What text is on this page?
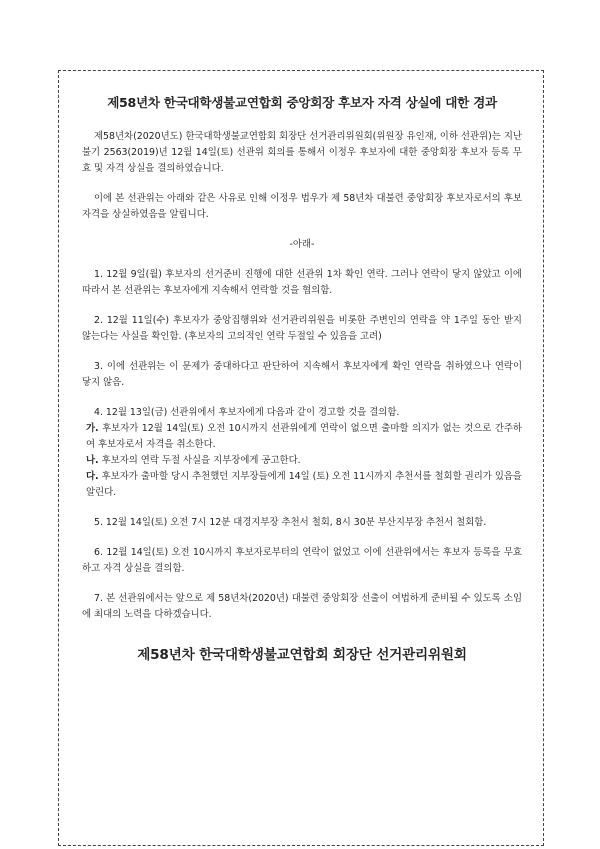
제58년차 한국대학생불교연합회 중앙회장 후보자 자격 상실에 대한 경과

제58년차(2020년도) 한국대학생불교연합회 회장단 선거관리위원회(위원장 유인재, 이하 선관위)는 지난 불기 2563(2019)년 12월 14일(토) 선관위 회의를 통해서 이정우 후보자에 대한 중앙회장 후보자 등록 무효 및 자격 상실을 결의하였습니다.

이에 본 선관위는 아래와 같은 사유로 인해 이정우 법우가 제 58년차 대불련 중앙회장 후보자로서의 후보 자격을 상실하였음을 알립니다.

-아래-

1. 12월 9일(월) 후보자의 선거준비 진행에 대한 선관위 1차 확인 연락. 그러나 연락이 닿지 않았고 이에 따라서 본 선관위는 후보자에게 지속해서 연락할 것을 협의함.

2. 12월 11일(수) 후보자가 중앙집행위와 선거관리위원을 비롯한 주변인의 연락을 약 1주일 동안 받지 않는다는 사실을 확인함. (후보자의 고의적인 연락 두절일 수 있음을 고려)

3. 이에 선관위는 이 문제가 중대하다고 판단하여 지속해서 후보자에게 확인 연락을 취하였으나 연락이 닿지 않음.

4. 12월 13일(금) 선관위에서 후보자에게 다음과 같이 경고할 것을 결의함.

가. 후보자가 12월 14일(토) 오전 10시까지 선관위에게 연락이 없으면 출마할 의지가 없는 것으로 간주하여 후보자로서 자격을 취소한다.

나. 후보자의 연락 두절 사실을 지부장에게 공고한다.

다. 후보자가 출마할 당시 추천했던 지부장들에게 14일 (토) 오전 11시까지 추천서를 철회할 권리가 있음을 알린다.

5. 12월 14일(토) 오전 7시 12분 대경지부장 추천서 철회, 8시 30분 부산지부장 추천서 철회함.

6. 12월 14일(토) 오전 10시까지 후보자로부터의 연락이 없었고 이에 선관위에서는 후보자 등록을 무효하고 자격 상실을 결의함.

7. 본 선관위에서는 앞으로 제 58년차(2020년) 대불련 중앙회장 선출이 여법하게 준비될 수 있도록 소임에 최대의 노력을 다하겠습니다.

제58년차 한국대학생불교연합회 회장단 선거관리위원회
